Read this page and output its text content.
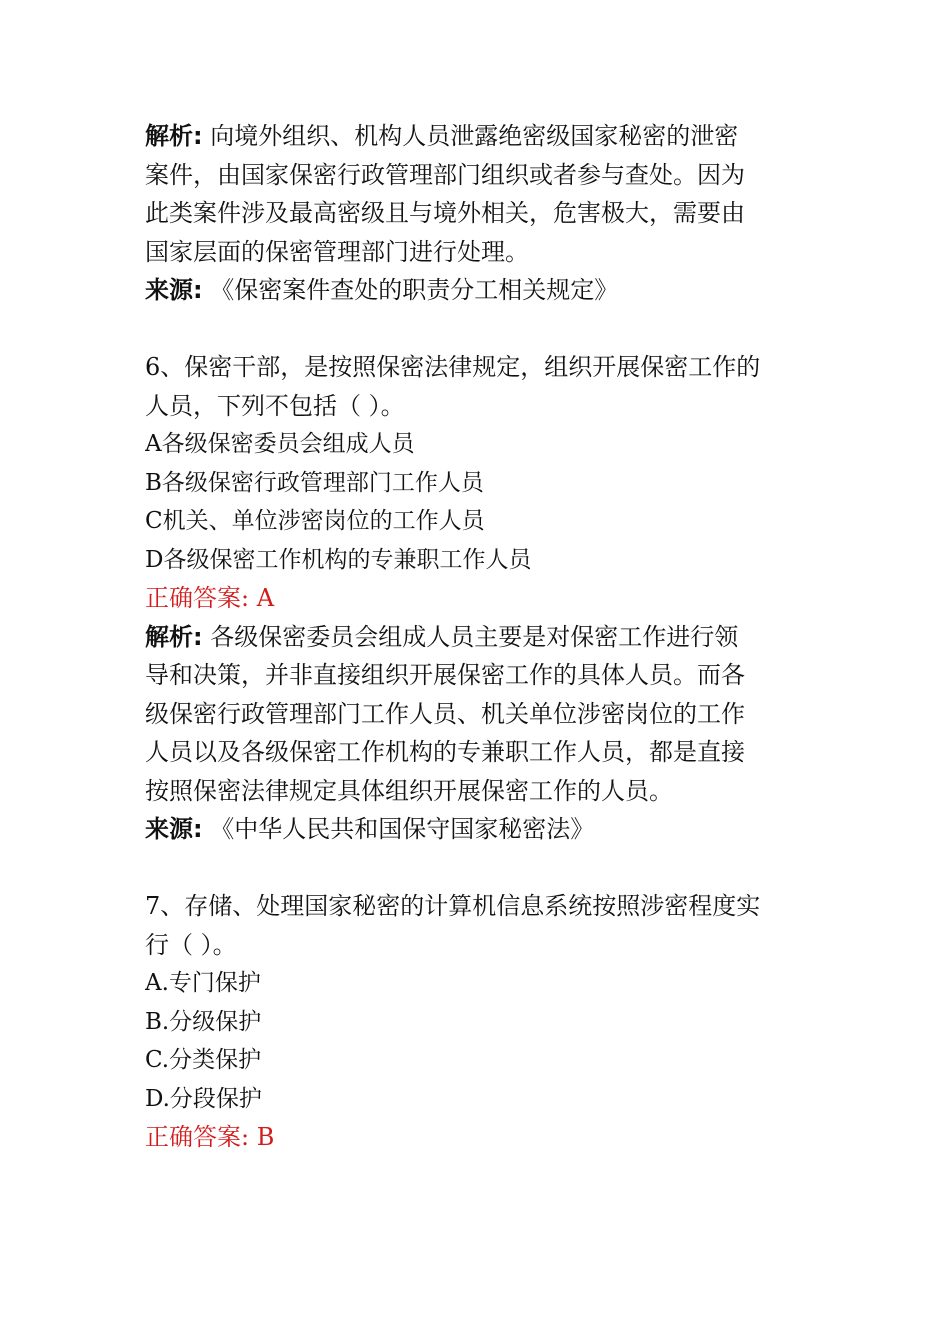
解析: 向境外组织、机构人员泄露绝密级国家秘密的泄密
案件，由国家保密行政管理部门组织或者参与查处。因为
此类案件涉及最高密级且与境外相关，危害极大，需要由
国家层面的保密管理部门进行处理。
来源: 《保密案件查处的职责分工相关规定》
6、保密干部，是按照保密法律规定，组织开展保密工作的
人员，下列不包括（ ）。
A各级保密委员会组成人员
B各级保密行政管理部门工作人员
C机关、单位涉密岗位的工作人员
D各级保密工作机构的专兼职工作人员
正确答案: A
解析: 各级保密委员会组成人员主要是对保密工作进行领
导和决策，并非直接组织开展保密工作的具体人员。而各
级保密行政管理部门工作人员、机关单位涉密岗位的工作
人员以及各级保密工作机构的专兼职工作人员，都是直接
按照保密法律规定具体组织开展保密工作的人员。
来源: 《中华人民共和国保守国家秘密法》
7、存储、处理国家秘密的计算机信息系统按照涉密程度实
行（ ）。
A.专门保护
B.分级保护
C.分类保护
D.分段保护
正确答案: B
